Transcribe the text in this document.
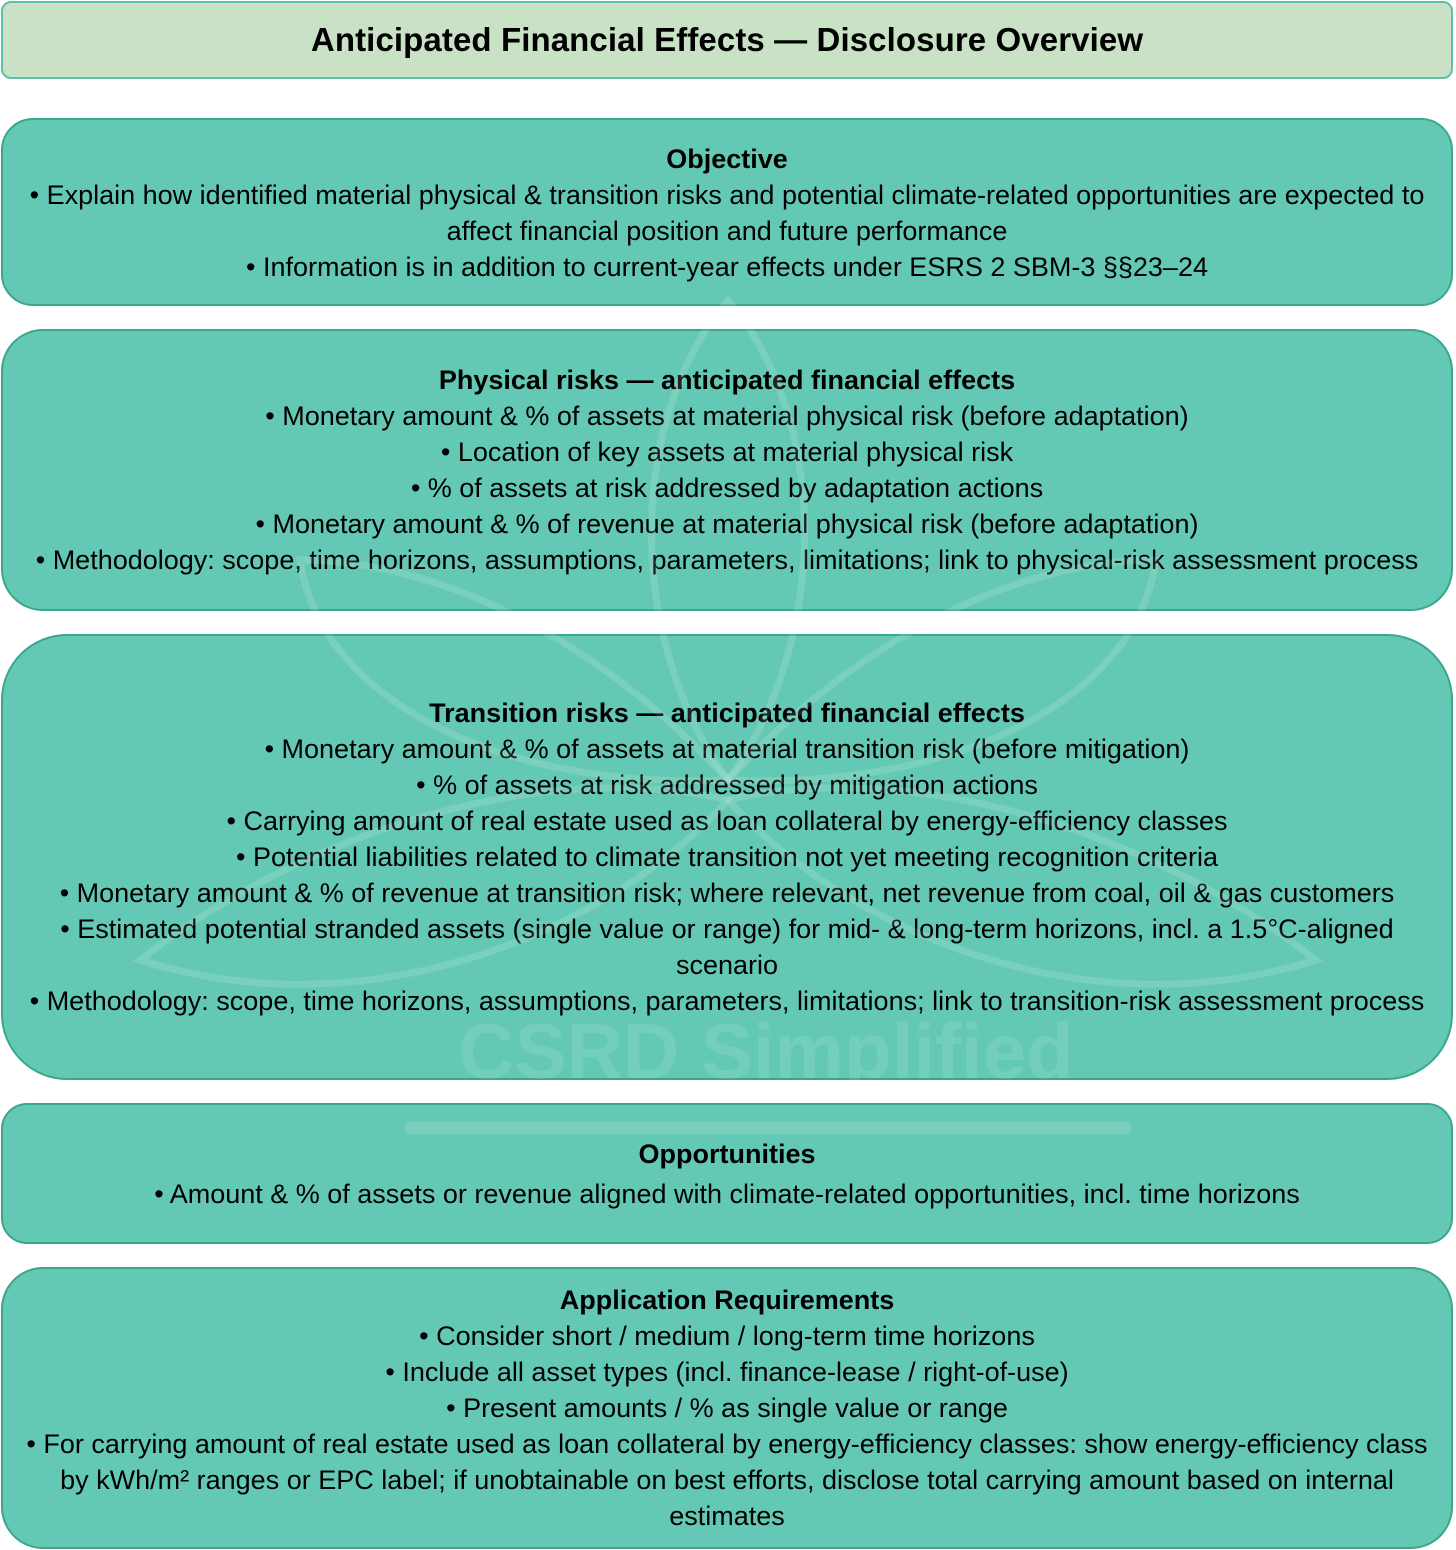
Anticipated Financial Effects — Disclosure Overview
Objective
• Explain how identified material physical & transition risks and potential climate-related opportunities are expected to affect financial position and future performance
• Information is in addition to current-year effects under ESRS 2 SBM-3 §§23–24
Physical risks — anticipated financial effects
• Monetary amount & % of assets at material physical risk (before adaptation)
• Location of key assets at material physical risk
• % of assets at risk addressed by adaptation actions
• Monetary amount & % of revenue at material physical risk (before adaptation)
• Methodology: scope, time horizons, assumptions, parameters, limitations; link to physical-risk assessment process
Transition risks — anticipated financial effects
• Monetary amount & % of assets at material transition risk (before mitigation)
• % of assets at risk addressed by mitigation actions
• Carrying amount of real estate used as loan collateral by energy-efficiency classes
• Potential liabilities related to climate transition not yet meeting recognition criteria
• Monetary amount & % of revenue at transition risk; where relevant, net revenue from coal, oil & gas customers
• Estimated potential stranded assets (single value or range) for mid- & long-term horizons, incl. a 1.5°C-aligned scenario
• Methodology: scope, time horizons, assumptions, parameters, limitations; link to transition-risk assessment process
Opportunities
• Amount & % of assets or revenue aligned with climate-related opportunities, incl. time horizons
Application Requirements
• Consider short / medium / long-term time horizons
• Include all asset types (incl. finance-lease / right-of-use)
• Present amounts / % as single value or range
• For carrying amount of real estate used as loan collateral by energy-efficiency classes: show energy-efficiency class by kWh/m² ranges or EPC label; if unobtainable on best efforts, disclose total carrying amount based on internal estimates
